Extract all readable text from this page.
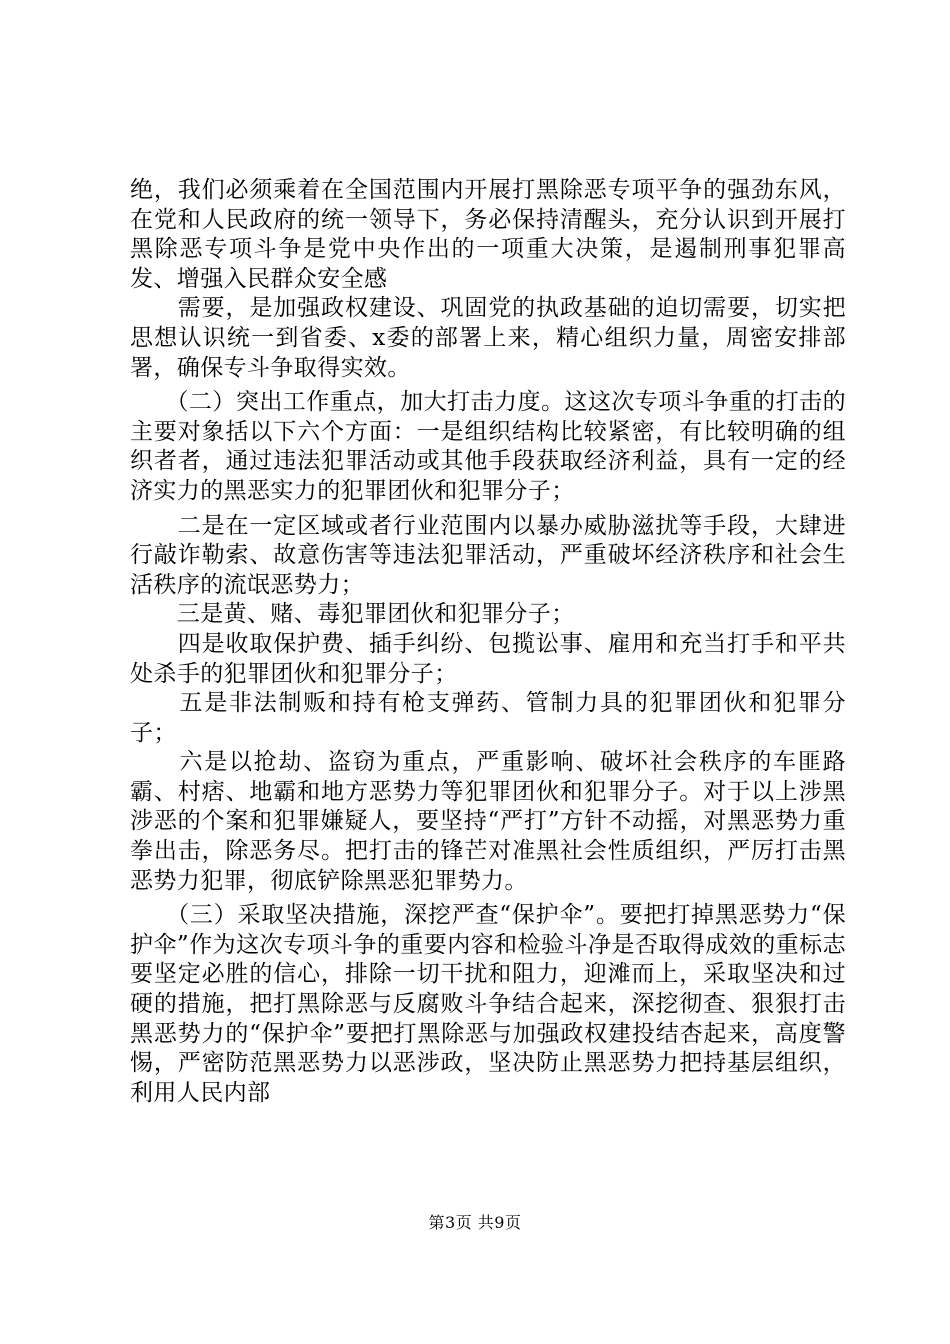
绝，我们必须乘着在全国范围内开展打黑除恶专项平争的强劲东风，在党和人民政府的统一领导下，务必保持清醒头，充分认识到开展打黑除恶专项斗争是党中央作出的一项重大决策，是遏制刑事犯罪高发、增强入民群众安全感

　　需要，是加强政权建设、巩固党的执政基础的迫切需要，切实把思想认识统一到省委、x委的部署上来，精心组织力量，周密安排部署，确保专斗争取得实效。

　　（二）突出工作重点，加大打击力度。这这次专项斗争重的打击的主要对象括以下六个方面：一是组织结构比较紧密，有比较明确的组织者者，通过违法犯罪活动或其他手段获取经济利益，具有一定的经济实力的黑恶实力的犯罪团伙和犯罪分子；

　　二是在一定区域或者行业范围内以暴办威胁滋扰等手段，大肆进行敲诈勒索、故意伤害等违法犯罪活动，严重破坏经济秩序和社会生活秩序的流氓恶势力；

　　三是黄、赌、毒犯罪团伙和犯罪分子；

　　四是收取保护费、插手纠纷、包揽讼事、雇用和充当打手和平共处杀手的犯罪团伙和犯罪分子；

　　五是非法制贩和持有枪支弹药、管制力具的犯罪团伙和犯罪分子；

　　六是以抢劫、盗窃为重点，严重影响、破坏社会秩序的车匪路霸、村痞、地霸和地方恶势力等犯罪团伙和犯罪分子。对于以上涉黑涉恶的个案和犯罪嫌疑人，要坚持“严打”方针不动摇，对黑恶势力重拳出击，除恶务尽。把打击的锋芒对准黑社会性质组织，严厉打击黑恶势力犯罪，彻底铲除黑恶犯罪势力。

　　（三）采取坚决措施，深挖严查“保护伞”。要把打掉黑恶势力“保护伞”作为这次专项斗争的重要内容和检验斗净是否取得成效的重标志要坚定必胜的信心，排除一切干扰和阻力，迎滩而上，采取坚决和过硬的措施，把打黑除恶与反腐败斗争结合起来，深挖彻查、狠狠打击黑恶势力的“保护伞”要把打黑除恶与加强政权建投结杏起来，高度警惕，严密防范黑恶势力以恶涉政，坚决防止黑恶势力把持基层组织，利用人民内部

第3页 共9页
